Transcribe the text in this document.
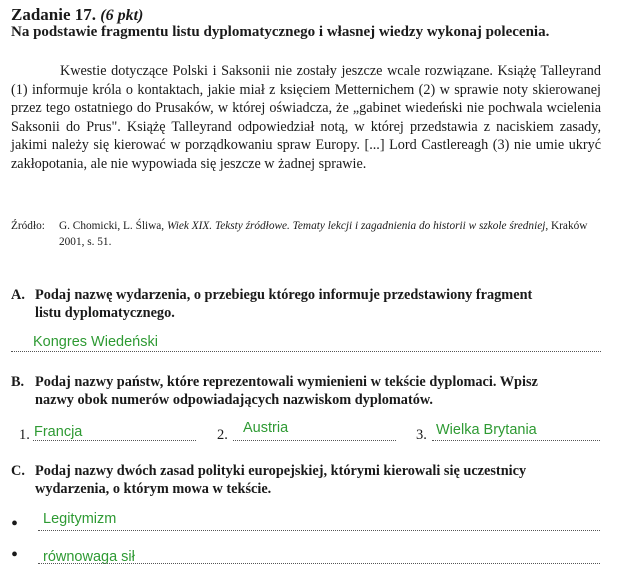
Zadanie 17. (6 pkt)
Na podstawie fragmentu listu dyplomatycznego i własnej wiedzy wykonaj polecenia.

Kwestie dotyczące Polski i Saksonii nie zostały jeszcze wcale rozwiązane. Książę Talleyrand (1) informuje króla o kontaktach, jakie miał z księciem Metternichem (2) w sprawie noty skierowanej przez tego ostatniego do Prusaków, w której oświadcza, że „gabinet wiedeński nie pochwala wcielenia Saksonii do Prus". Książę Talleyrand odpowiedział notą, w której przedstawia z naciskiem zasady, jakimi należy się kierować w porządkowaniu spraw Europy. [...] Lord Castlereagh (3) nie umie ukryć zakłopotania, ale nie wypowiada się jeszcze w żadnej sprawie.

Źródło: G. Chomicki, L. Śliwa, Wiek XIX. Teksty źródłowe. Tematy lekcji i zagadnienia do historii w szkole średniej, Kraków 2001, s. 51.
A. Podaj nazwę wydarzenia, o przebiegu którego informuje przedstawiony fragment
listu dyplomatycznego.
Kongres Wiedeński
B. Podaj nazwy państw, które reprezentowali wymienieni w tekście dyplomaci. Wpisz
nazwy obok numerów odpowiadających nazwiskom dyplomatów.
1. Francja	2. Austria	3. Wielka Brytania
C. Podaj nazwy dwóch zasad polityki europejskiej, którymi kierowali się uczestnicy
wydarzenia, o którym mowa w tekście.
• Legitymizm
• równowaga sił
